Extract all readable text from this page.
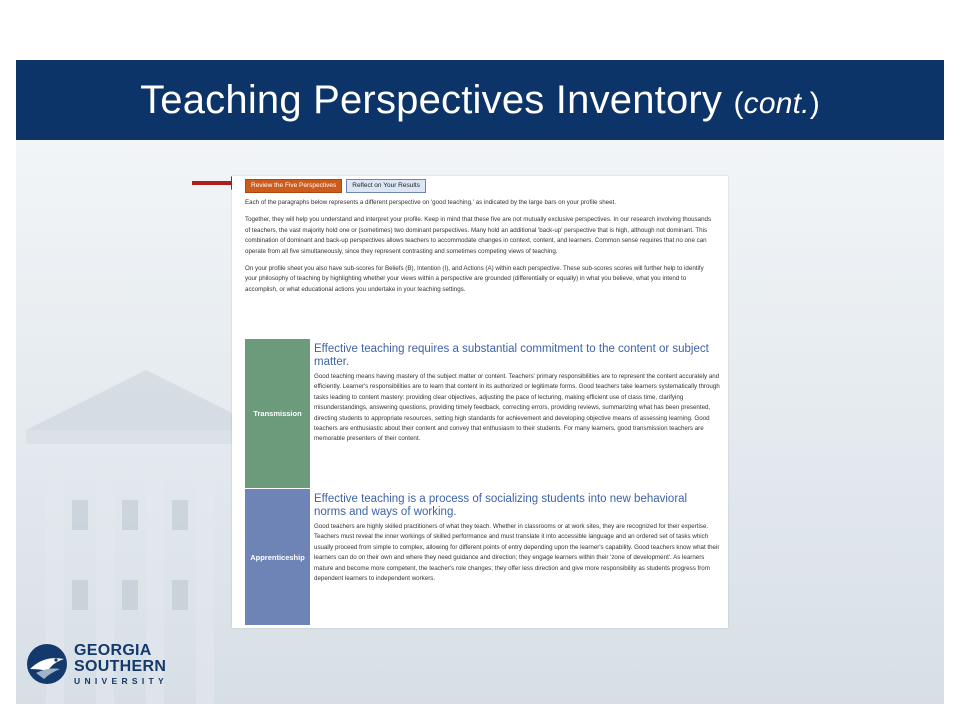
Teaching Perspectives Inventory (cont.)
Review the Five Perspectives	Reflect on Your Results

Each of the paragraphs below represents a different perspective on 'good teaching,' as indicated by the large bars on your profile sheet.

Together, they will help you understand and interpret your profile. Keep in mind that these five are not mutually exclusive perspectives. In our research involving thousands of teachers, the vast majority hold one or (sometimes) two dominant perspectives. Many hold an additional 'back-up' perspective that is high, although not dominant. This combination of dominant and back-up perspectives allows teachers to accommodate changes in context, content, and learners. Common sense requires that no one can operate from all five simultaneously, since they represent contrasting and sometimes competing views of teaching.

On your profile sheet you also have sub-scores for Beliefs (B), Intention (I), and Actions (A) within each perspective. These sub-scores scores will further help to identify your philosophy of teaching by highlighting whether your views within a perspective are grounded (differentially or equally) in what you believe, what you intend to accomplish, or what educational actions you undertake in your teaching settings.

Transmission

Effective teaching requires a substantial commitment to the content or subject matter.

Good teaching means having mastery of the subject matter or content. Teachers' primary responsibilities are to represent the content accurately and efficiently. Learner's responsibilities are to learn that content in its authorized or legitimate forms. Good teachers take learners systematically through tasks leading to content mastery: providing clear objectives, adjusting the pace of lecturing, making efficient use of class time, clarifying misunderstandings, answering questions, providing timely feedback, correcting errors, providing reviews, summarizing what has been presented, directing students to appropriate resources, setting high standards for achievement and developing objective means of assessing learning. Good teachers are enthusiastic about their content and convey that enthusiasm to their students. For many learners, good transmission teachers are memorable presenters of their content.

Apprenticeship

Effective teaching is a process of socializing students into new behavioral norms and ways of working.

Good teachers are highly skilled practitioners of what they teach. Whether in classrooms or at work sites, they are recognized for their expertise. Teachers must reveal the inner workings of skilled performance and must translate it into accessible language and an ordered set of tasks which usually proceed from simple to complex, allowing for different points of entry depending upon the learner's capability. Good teachers know what their learners can do on their own and where they need guidance and direction; they engage learners within their 'zone of development'. As learners mature and become more competent, the teacher's role changes; they offer less direction and give more responsibility as students progress from dependent learners to independent workers.

GEORGIA
SOUTHERN
UNIVERSITY
